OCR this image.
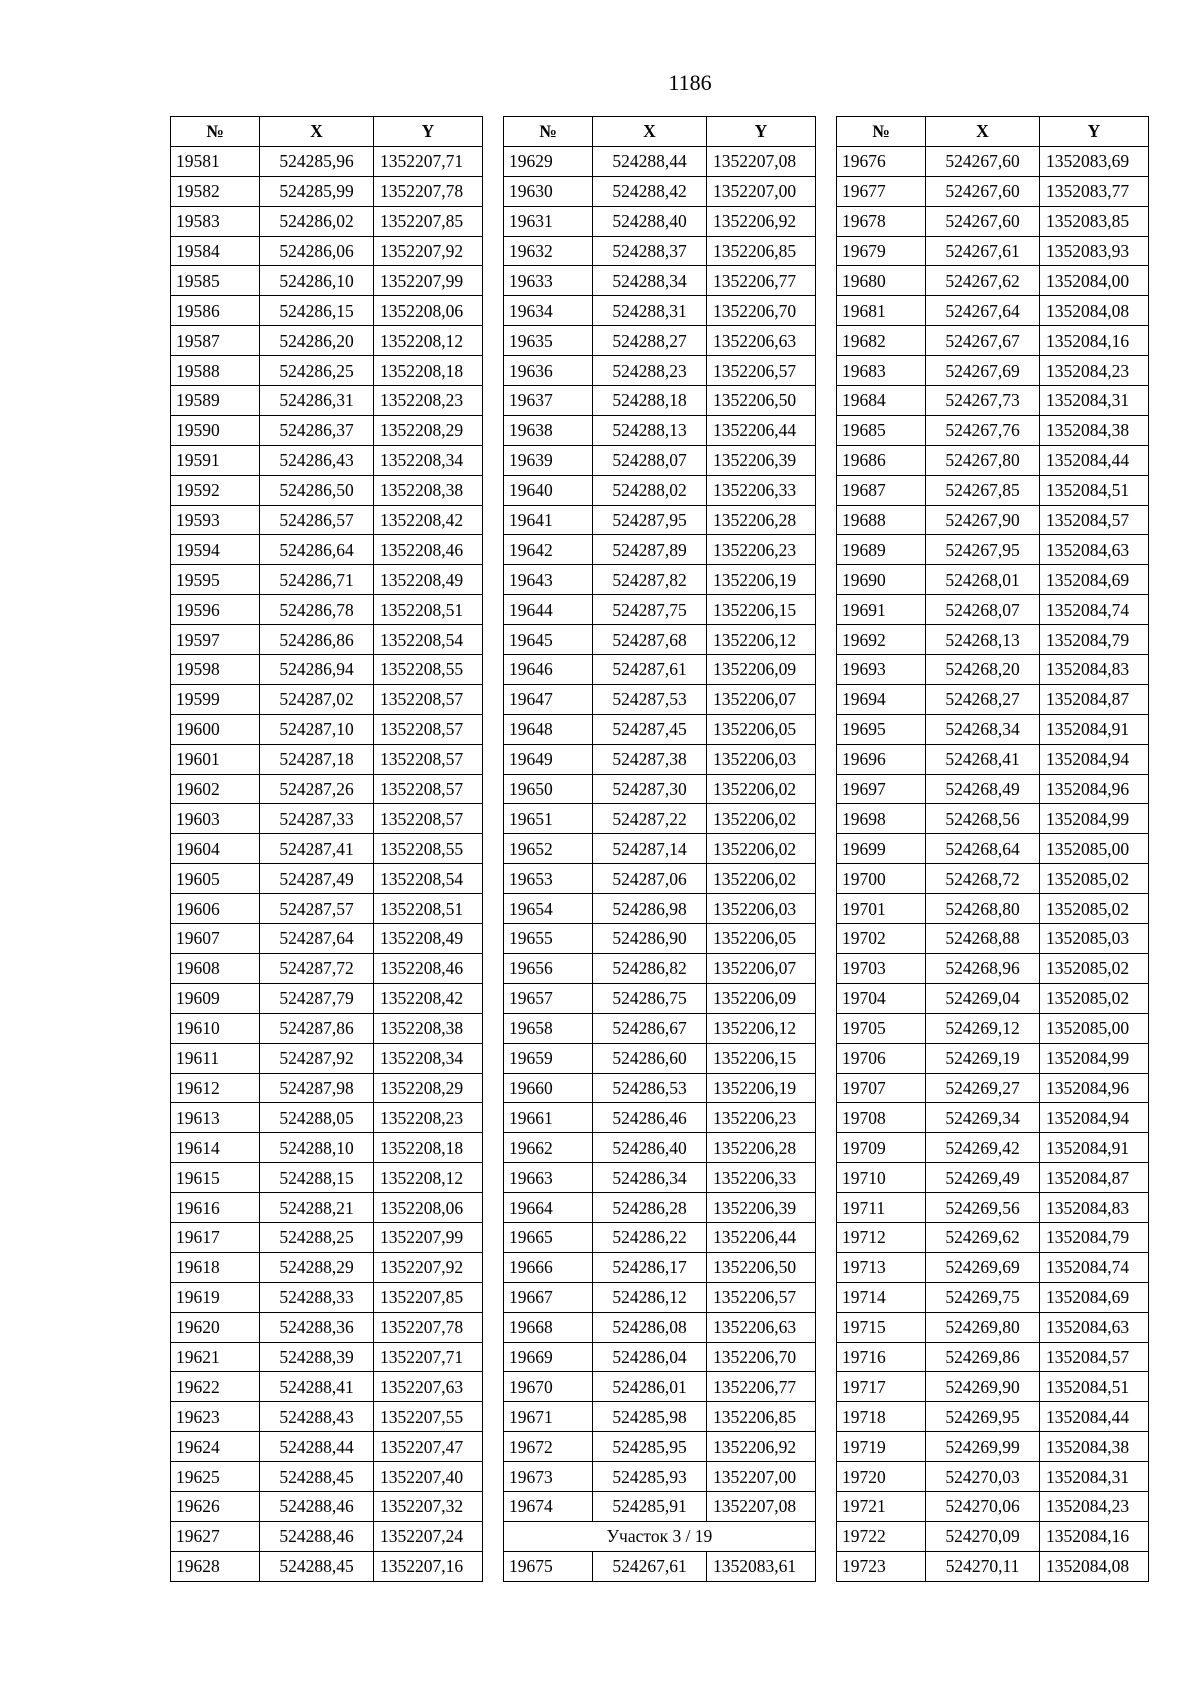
1186
№	X	Y
19581	524285,96	1352207,71
19582	524285,99	1352207,78
19583	524286,02	1352207,85
19584	524286,06	1352207,92
19585	524286,10	1352207,99
19586	524286,15	1352208,06
19587	524286,20	1352208,12
19588	524286,25	1352208,18
19589	524286,31	1352208,23
19590	524286,37	1352208,29
19591	524286,43	1352208,34
19592	524286,50	1352208,38
19593	524286,57	1352208,42
19594	524286,64	1352208,46
19595	524286,71	1352208,49
19596	524286,78	1352208,51
19597	524286,86	1352208,54
19598	524286,94	1352208,55
19599	524287,02	1352208,57
19600	524287,10	1352208,57
19601	524287,18	1352208,57
19602	524287,26	1352208,57
19603	524287,33	1352208,57
19604	524287,41	1352208,55
19605	524287,49	1352208,54
19606	524287,57	1352208,51
19607	524287,64	1352208,49
19608	524287,72	1352208,46
19609	524287,79	1352208,42
19610	524287,86	1352208,38
19611	524287,92	1352208,34
19612	524287,98	1352208,29
19613	524288,05	1352208,23
19614	524288,10	1352208,18
19615	524288,15	1352208,12
19616	524288,21	1352208,06
19617	524288,25	1352207,99
19618	524288,29	1352207,92
19619	524288,33	1352207,85
19620	524288,36	1352207,78
19621	524288,39	1352207,71
19622	524288,41	1352207,63
19623	524288,43	1352207,55
19624	524288,44	1352207,47
19625	524288,45	1352207,40
19626	524288,46	1352207,32
19627	524288,46	1352207,24
19628	524288,45	1352207,16
№	X	Y
19629	524288,44	1352207,08
19630	524288,42	1352207,00
19631	524288,40	1352206,92
19632	524288,37	1352206,85
19633	524288,34	1352206,77
19634	524288,31	1352206,70
19635	524288,27	1352206,63
19636	524288,23	1352206,57
19637	524288,18	1352206,50
19638	524288,13	1352206,44
19639	524288,07	1352206,39
19640	524288,02	1352206,33
19641	524287,95	1352206,28
19642	524287,89	1352206,23
19643	524287,82	1352206,19
19644	524287,75	1352206,15
19645	524287,68	1352206,12
19646	524287,61	1352206,09
19647	524287,53	1352206,07
19648	524287,45	1352206,05
19649	524287,38	1352206,03
19650	524287,30	1352206,02
19651	524287,22	1352206,02
19652	524287,14	1352206,02
19653	524287,06	1352206,02
19654	524286,98	1352206,03
19655	524286,90	1352206,05
19656	524286,82	1352206,07
19657	524286,75	1352206,09
19658	524286,67	1352206,12
19659	524286,60	1352206,15
19660	524286,53	1352206,19
19661	524286,46	1352206,23
19662	524286,40	1352206,28
19663	524286,34	1352206,33
19664	524286,28	1352206,39
19665	524286,22	1352206,44
19666	524286,17	1352206,50
19667	524286,12	1352206,57
19668	524286,08	1352206,63
19669	524286,04	1352206,70
19670	524286,01	1352206,77
19671	524285,98	1352206,85
19672	524285,95	1352206,92
19673	524285,93	1352207,00
19674	524285,91	1352207,08
Участок 3 / 19		
19675	524267,61	1352083,61
№	X	Y
19676	524267,60	1352083,69
19677	524267,60	1352083,77
19678	524267,60	1352083,85
19679	524267,61	1352083,93
19680	524267,62	1352084,00
19681	524267,64	1352084,08
19682	524267,67	1352084,16
19683	524267,69	1352084,23
19684	524267,73	1352084,31
19685	524267,76	1352084,38
19686	524267,80	1352084,44
19687	524267,85	1352084,51
19688	524267,90	1352084,57
19689	524267,95	1352084,63
19690	524268,01	1352084,69
19691	524268,07	1352084,74
19692	524268,13	1352084,79
19693	524268,20	1352084,83
19694	524268,27	1352084,87
19695	524268,34	1352084,91
19696	524268,41	1352084,94
19697	524268,49	1352084,96
19698	524268,56	1352084,99
19699	524268,64	1352085,00
19700	524268,72	1352085,02
19701	524268,80	1352085,02
19702	524268,88	1352085,03
19703	524268,96	1352085,02
19704	524269,04	1352085,02
19705	524269,12	1352085,00
19706	524269,19	1352084,99
19707	524269,27	1352084,96
19708	524269,34	1352084,94
19709	524269,42	1352084,91
19710	524269,49	1352084,87
19711	524269,56	1352084,83
19712	524269,62	1352084,79
19713	524269,69	1352084,74
19714	524269,75	1352084,69
19715	524269,80	1352084,63
19716	524269,86	1352084,57
19717	524269,90	1352084,51
19718	524269,95	1352084,44
19719	524269,99	1352084,38
19720	524270,03	1352084,31
19721	524270,06	1352084,23
19722	524270,09	1352084,16
19723	524270,11	1352084,08
